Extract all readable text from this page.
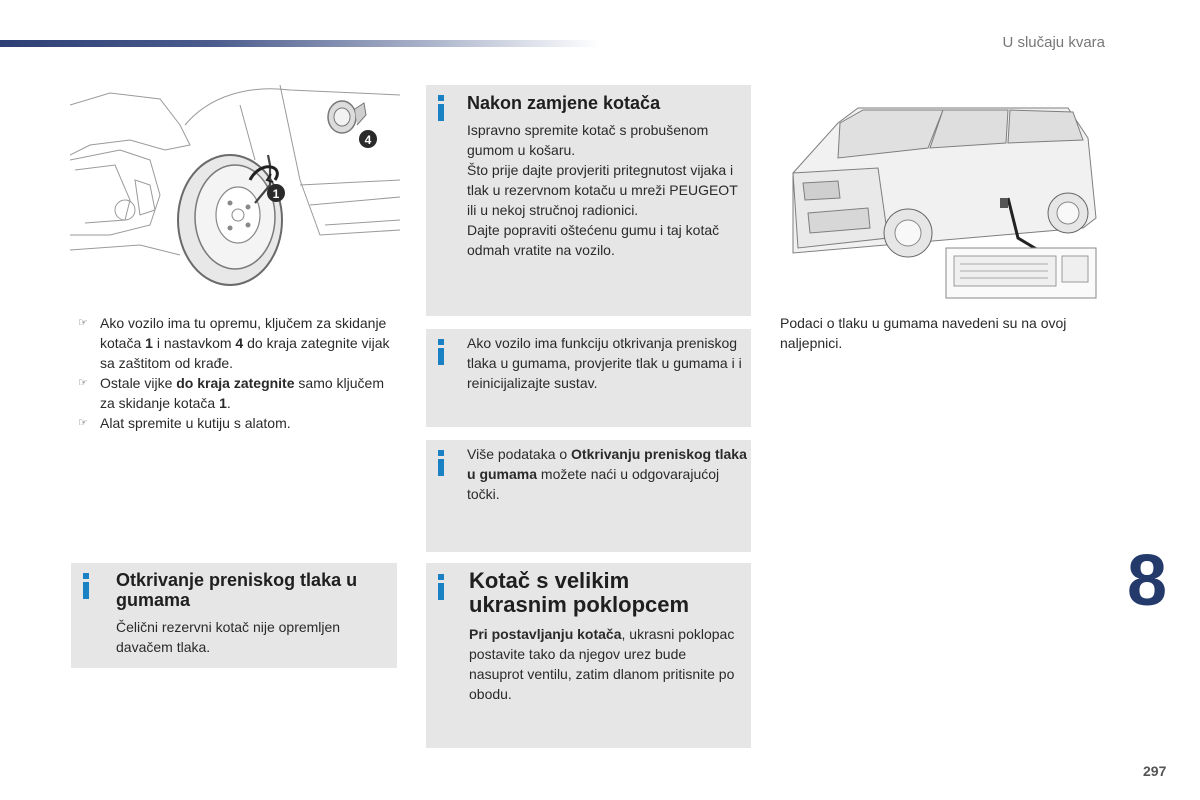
U slučaju kvara
1
4
☞ Ako vozilo ima tu opremu, ključem za skidanje kotača 1 i nastavkom 4 do kraja zategnite vijak sa zaštitom od krađe.
☞ Ostale vijke do kraja zategnite samo ključem za skidanje kotača 1.
☞ Alat spremite u kutiju s alatom.
Otkrivanje preniskog tlaka u gumama
Čelični rezervni kotač nije opremljen davačem tlaka.
Nakon zamjene kotača
Ispravno spremite kotač s probušenom gumom u košaru.
Što prije dajte provjeriti pritegnutost vijaka i tlak u rezervnom kotaču u mreži PEUGEOT ili u nekoj stručnoj radionici.
Dajte popraviti oštećenu gumu i taj kotač odmah vratite na vozilo.
Ako vozilo ima funkciju otkrivanja preniskog tlaka u gumama, provjerite tlak u gumama i i reinicijalizajte sustav.
Više podataka o Otkrivanju preniskog tlaka u gumama možete naći u odgovarajućoj točki.
Kotač s velikim ukrasnim poklopcem
Pri postavljanju kotača, ukrasni poklopac postavite tako da njegov urez bude nasuprot ventilu, zatim dlanom pritisnite po obodu.
Podaci o tlaku u gumama navedeni su na ovoj naljepnici.
8
297
